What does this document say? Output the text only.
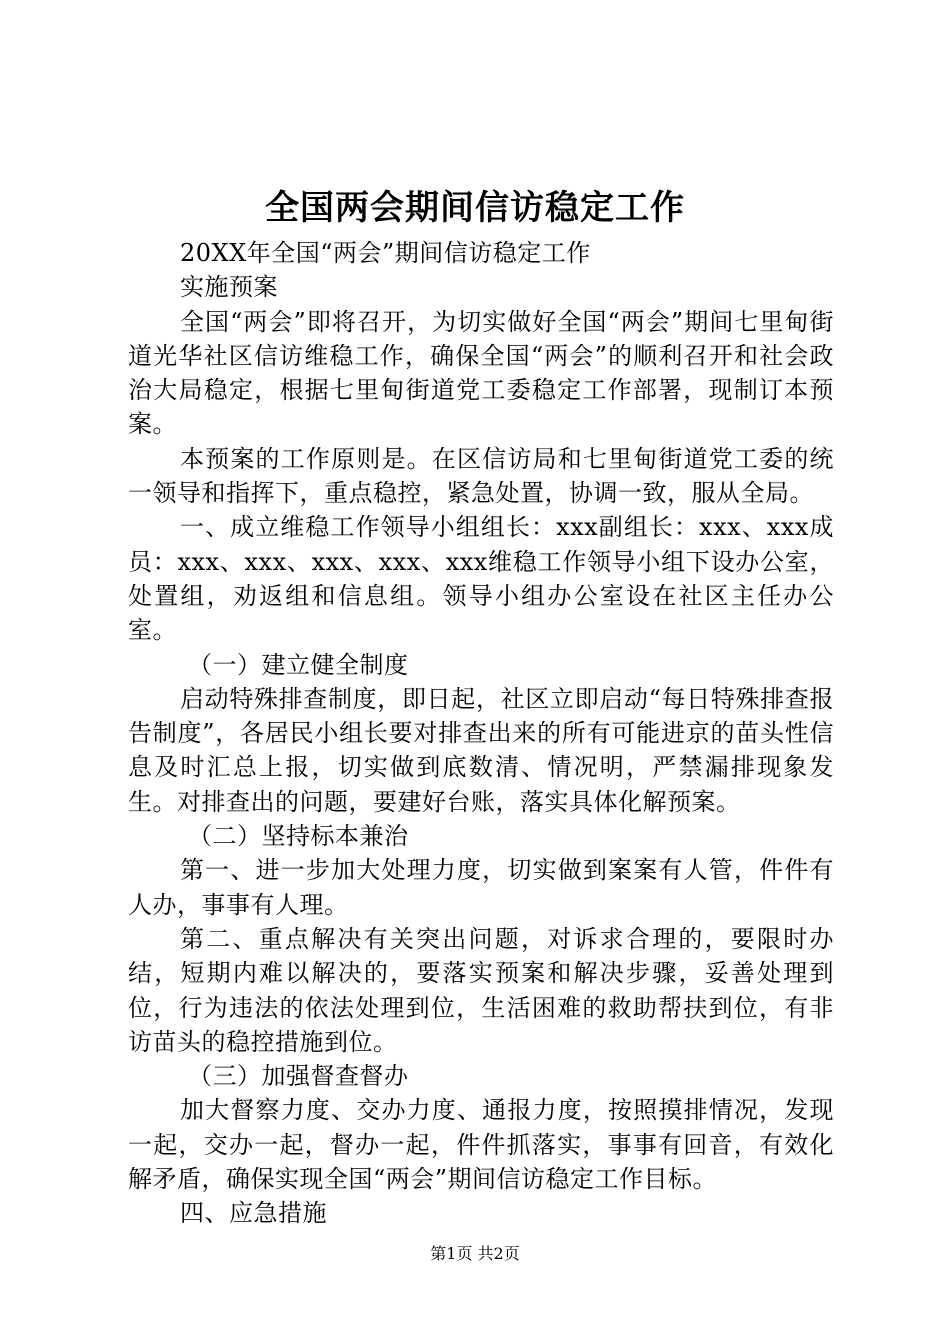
全国两会期间信访稳定工作

20XX年全国“两会”期间信访稳定工作

实施预案

全国“两会”即将召开，为切实做好全国“两会”期间七里甸街道光华社区信访维稳工作，确保全国“两会”的顺利召开和社会政治大局稳定，根据七里甸街道党工委稳定工作部署，现制订本预案。

本预案的工作原则是。在区信访局和七里甸街道党工委的统一领导和指挥下，重点稳控，紧急处置，协调一致，服从全局。

一、成立维稳工作领导小组组长：xxx副组长：xxx、xxx成员：xxx、xxx、xxx、xxx、xxx维稳工作领导小组下设办公室，处置组，劝返组和信息组。领导小组办公室设在社区主任办公室。

（一）建立健全制度

启动特殊排查制度，即日起，社区立即启动“每日特殊排查报告制度”，各居民小组长要对排查出来的所有可能进京的苗头性信息及时汇总上报，切实做到底数清、情况明，严禁漏排现象发生。对排查出的问题，要建好台账，落实具体化解预案。

（二）坚持标本兼治

第一、进一步加大处理力度，切实做到案案有人管，件件有人办，事事有人理。

第二、重点解决有关突出问题，对诉求合理的，要限时办结，短期内难以解决的，要落实预案和解决步骤，妥善处理到位，行为违法的依法处理到位，生活困难的救助帮扶到位，有非访苗头的稳控措施到位。

（三）加强督查督办

加大督察力度、交办力度、通报力度，按照摸排情况，发现一起，交办一起，督办一起，件件抓落实，事事有回音，有效化解矛盾，确保实现全国“两会”期间信访稳定工作目标。

四、应急措施

第1页 共2页
